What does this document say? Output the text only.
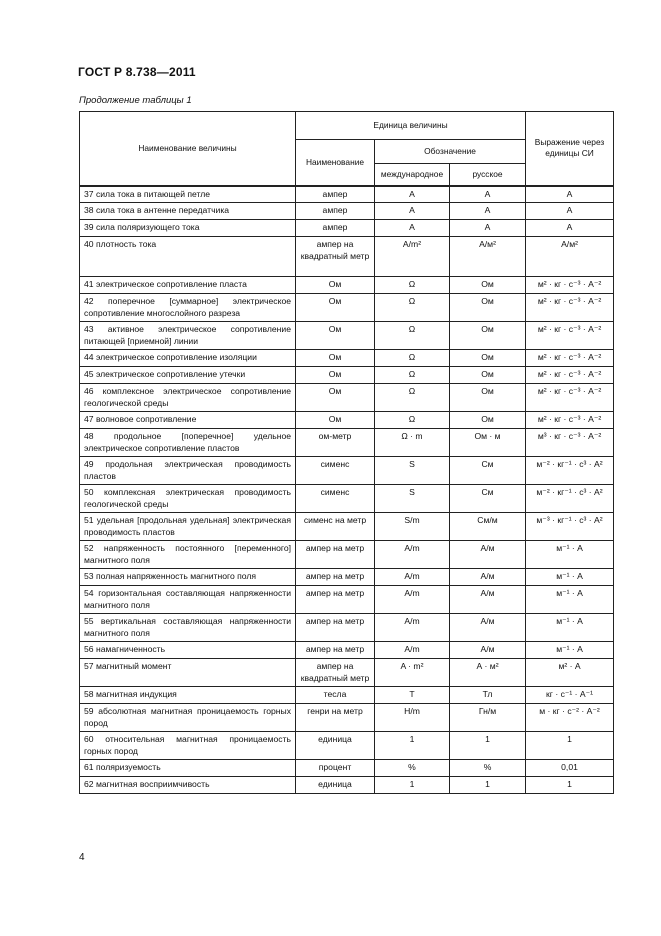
ГОСТ Р 8.738—2011
Продолжение таблицы 1
Наименование величины	Единица величины			Выражение через единицы СИ
	Наименование	Обозначение		
		международное	русское	
37 сила тока в питающей петле	ампер	A	А	А
38 сила тока в антенне передатчика	ампер	A	А	А
39 сила поляризующего тока	ампер	A	А	А
40 плотность тока	ампер на квадратный метр	A/m²	А/м²	А/м²
41 электрическое сопротивление пласта	Ом	Ω	Ом	м² · кг · с⁻³ · А⁻²
42 поперечное [суммарное] электрическое сопротивление многослойного разреза	Ом	Ω	Ом	м² · кг · с⁻³ · А⁻²
43 активное электрическое сопротивление питающей [приемной] линии	Ом	Ω	Ом	м² · кг · с⁻³ · А⁻²
44 электрическое сопротивление изоляции	Ом	Ω	Ом	м² · кг · с⁻³ · А⁻²
45 электрическое сопротивление утечки	Ом	Ω	Ом	м² · кг · с⁻³ · А⁻²
46 комплексное электрическое сопротивление геологической среды	Ом	Ω	Ом	м² · кг · с⁻³ · А⁻²
47 волновое сопротивление	Ом	Ω	Ом	м² · кг · с⁻³ · А⁻²
48 продольное [поперечное] удельное электрическое сопротивление пластов	ом-метр	Ω · m	Ом · м	м³ · кг · с⁻³ · А⁻²
49 продольная электрическая проводимость пластов	сименс	S	См	м⁻² · кг⁻¹ · с³ · А²
50 комплексная электрическая проводимость геологической среды	сименс	S	См	м⁻² · кг⁻¹ · с³ · А²
51 удельная [продольная удельная] электрическая проводимость пластов	сименс на метр	S/m	См/м	м⁻³ · кг⁻¹ · с³ · А²
52 напряженность постоянного [переменного] магнитного поля	ампер на метр	A/m	А/м	м⁻¹ · А
53 полная напряженность магнитного поля	ампер на метр	A/m	А/м	м⁻¹ · А
54 горизонтальная составляющая напряженности магнитного поля	ампер на метр	A/m	А/м	м⁻¹ · А
55 вертикальная составляющая напряженности магнитного поля	ампер на метр	A/m	А/м	м⁻¹ · А
56 намагниченность	ампер на метр	A/m	А/м	м⁻¹ · А
57 магнитный момент	ампер на квадратный метр	A · m²	А · м²	м² · А
58 магнитная индукция	тесла	T	Тл	кг · с⁻¹ · А⁻¹
59 абсолютная магнитная проницаемость горных пород	генри на метр	H/m	Гн/м	м · кг · с⁻² · А⁻²
60 относительная магнитная проницаемость горных пород	единица	1	1	1
61 поляризуемость	процент	%	%	0,01
62 магнитная восприимчивость	единица	1	1	1
4
